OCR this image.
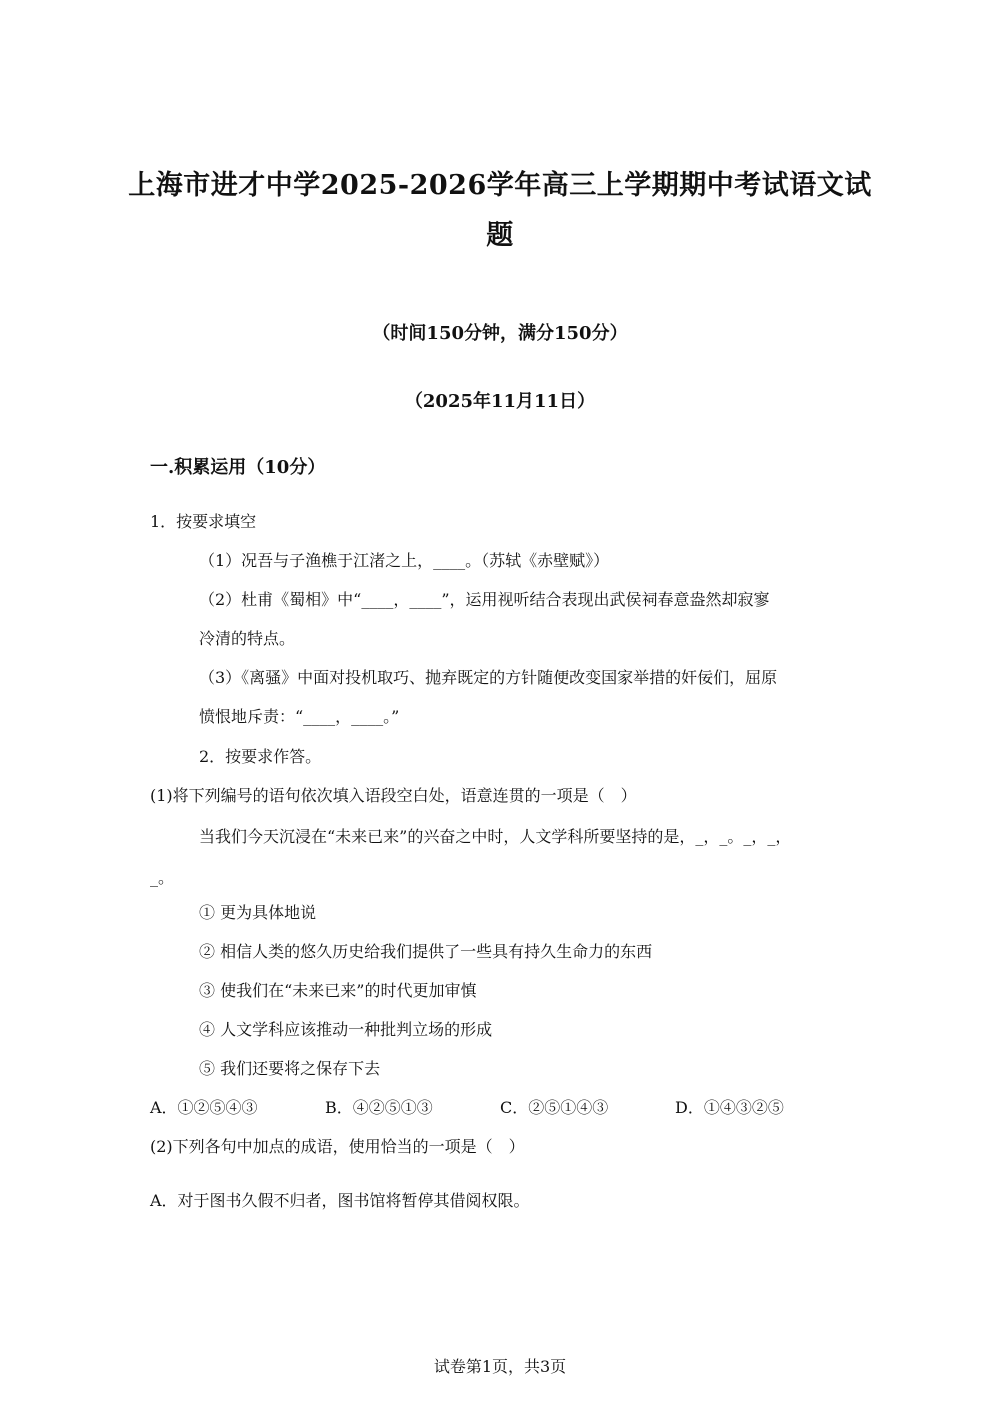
上海市进才中学2025-2026学年高三上学期期中考试语文试
题
（时间150分钟，满分150分）
（2025年11月11日）
一.积累运用（10分）
1．按要求填空
（1）况吾与子渔樵于江渚之上，____。（苏轼《赤壁赋》）
（2）杜甫《蜀相》中“____，____”，运用视听结合表现出武侯祠春意盎然却寂寥
冷清的特点。
（3）《离骚》中面对投机取巧、抛弃既定的方针随便改变国家举措的奸佞们，屈原
愤恨地斥责：“____，____。”
2．按要求作答。
(1)将下列编号的语句依次填入语段空白处，语意连贯的一项是（　）
当我们今天沉浸在“未来已来”的兴奋之中时，人文学科所要坚持的是，_，_。_，_，
_。
① 更为具体地说
② 相信人类的悠久历史给我们提供了一些具有持久生命力的东西
③ 使我们在“未来已来”的时代更加审慎
④ 人文学科应该推动一种批判立场的形成
⑤ 我们还要将之保存下去
A．①②⑤④③	B．④②⑤①③	C．②⑤①④③	D．①④③②⑤
(2)下列各句中加点的成语，使用恰当的一项是（　）
A．对于图书久假不归者，图书馆将暂停其借阅权限。
试卷第1页，共3页
